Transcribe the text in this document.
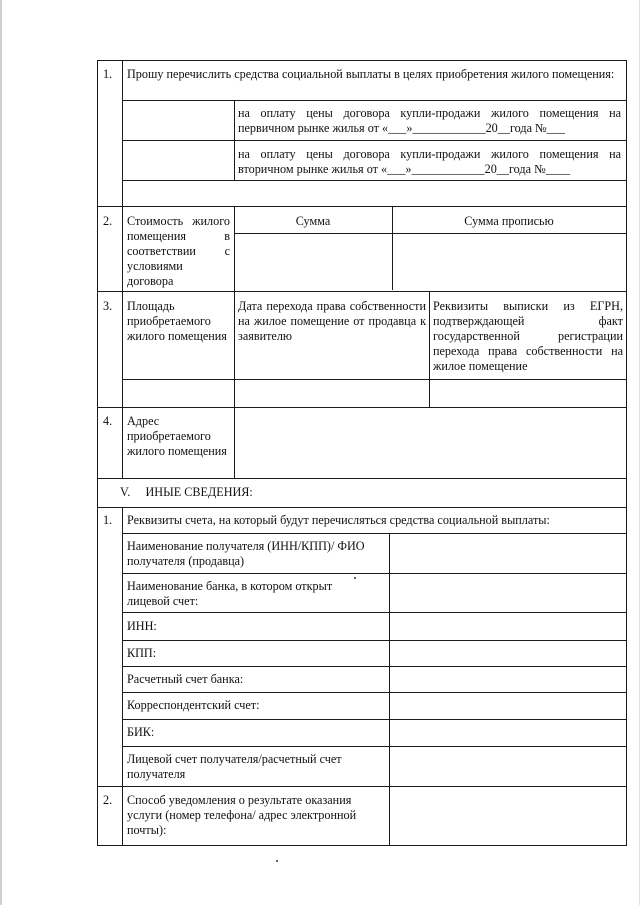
1. Прошу перечислить средства социальной выплаты в целях приобретения жилого помещения:
на оплату цены договора купли-продажи жилого помещения на первичном рынке жилья от «___»____________20__года №___
на оплату цены договора купли-продажи жилого помещения на вторичном рынке жилья от «___»____________20__года №____
2. Стоимость жилого помещения в соответствии с условиями договора
Сумма	Сумма прописью
3. Площадь приобретаемого жилого помещения
Дата перехода права собственности на жилое помещение от продавца к заявителю
Реквизиты выписки из ЕГРН, подтверждающей факт государственной регистрации перехода права собственности на жилое помещение
4. Адрес приобретаемого жилого помещения
V.     ИНЫЕ СВЕДЕНИЯ:
1. Реквизиты счета, на который будут перечисляться средства социальной выплаты:
Наименование получателя (ИНН/КПП)/ ФИО получателя (продавца)
Наименование банка, в котором открыт лицевой счет:
ИНН:
КПП:
Расчетный счет банка:
Корреспондентский счет:
БИК:
Лицевой счет получателя/расчетный счет получателя
2. Способ уведомления о результате оказания услуги (номер телефона/ адрес электронной почты):
